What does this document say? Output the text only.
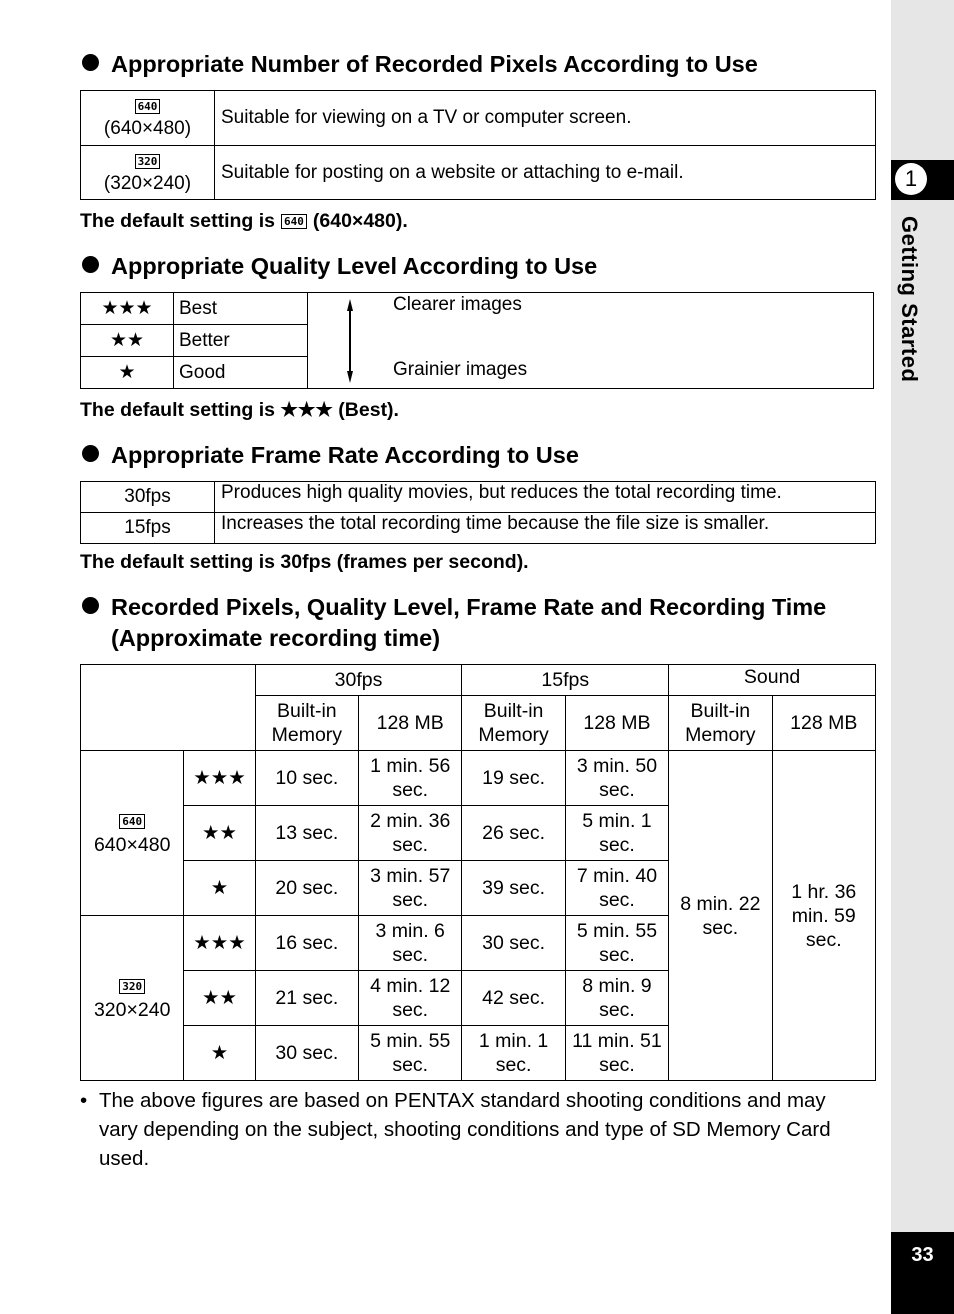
1
Getting Started
33
Appropriate Number of Recorded Pixels According to Use
640
(640×480)	Suitable for viewing on a TV or computer screen.
320
(320×240)	Suitable for posting on a website or attaching to e-mail.
The default setting is 640 (640×480).
Appropriate Quality Level According to Use
★★★	Best	Clearer images
Grainier images

★★	Better	
★	Good	
The default setting is ★★★ (Best).
Appropriate Frame Rate According to Use
30fps	Produces high quality movies, but reduces the total recording time.
15fps	Increases the total recording time because the file size is smaller.
The default setting is 30fps (frames per second).
Recorded Pixels, Quality Level, Frame Rate and Recording Time
(Approximate recording time)
		30fps		15fps		Sound	
		Built-in Memory	128 MB	Built-in Memory	128 MB	Built-in Memory	128 MB
640
640×480	★★★	10 sec.	1 min. 56 sec.	19 sec.	3 min. 50 sec.	8 min. 22 sec.	1 hr. 36 min. 59 sec.
	★★	13 sec.	2 min. 36 sec.	26 sec.	5 min. 1 sec.		
	★	20 sec.	3 min. 57 sec.	39 sec.	7 min. 40 sec.		
320
320×240	★★★	16 sec.	3 min. 6 sec.	30 sec.	5 min. 55 sec.		
	★★	21 sec.	4 min. 12 sec.	42 sec.	8 min. 9 sec.		
	★	30 sec.	5 min. 55 sec.	1 min. 1 sec.	11 min. 51 sec.		
• The above figures are based on PENTAX standard shooting conditions and may vary depending on the subject, shooting conditions and type of SD Memory Card used.
